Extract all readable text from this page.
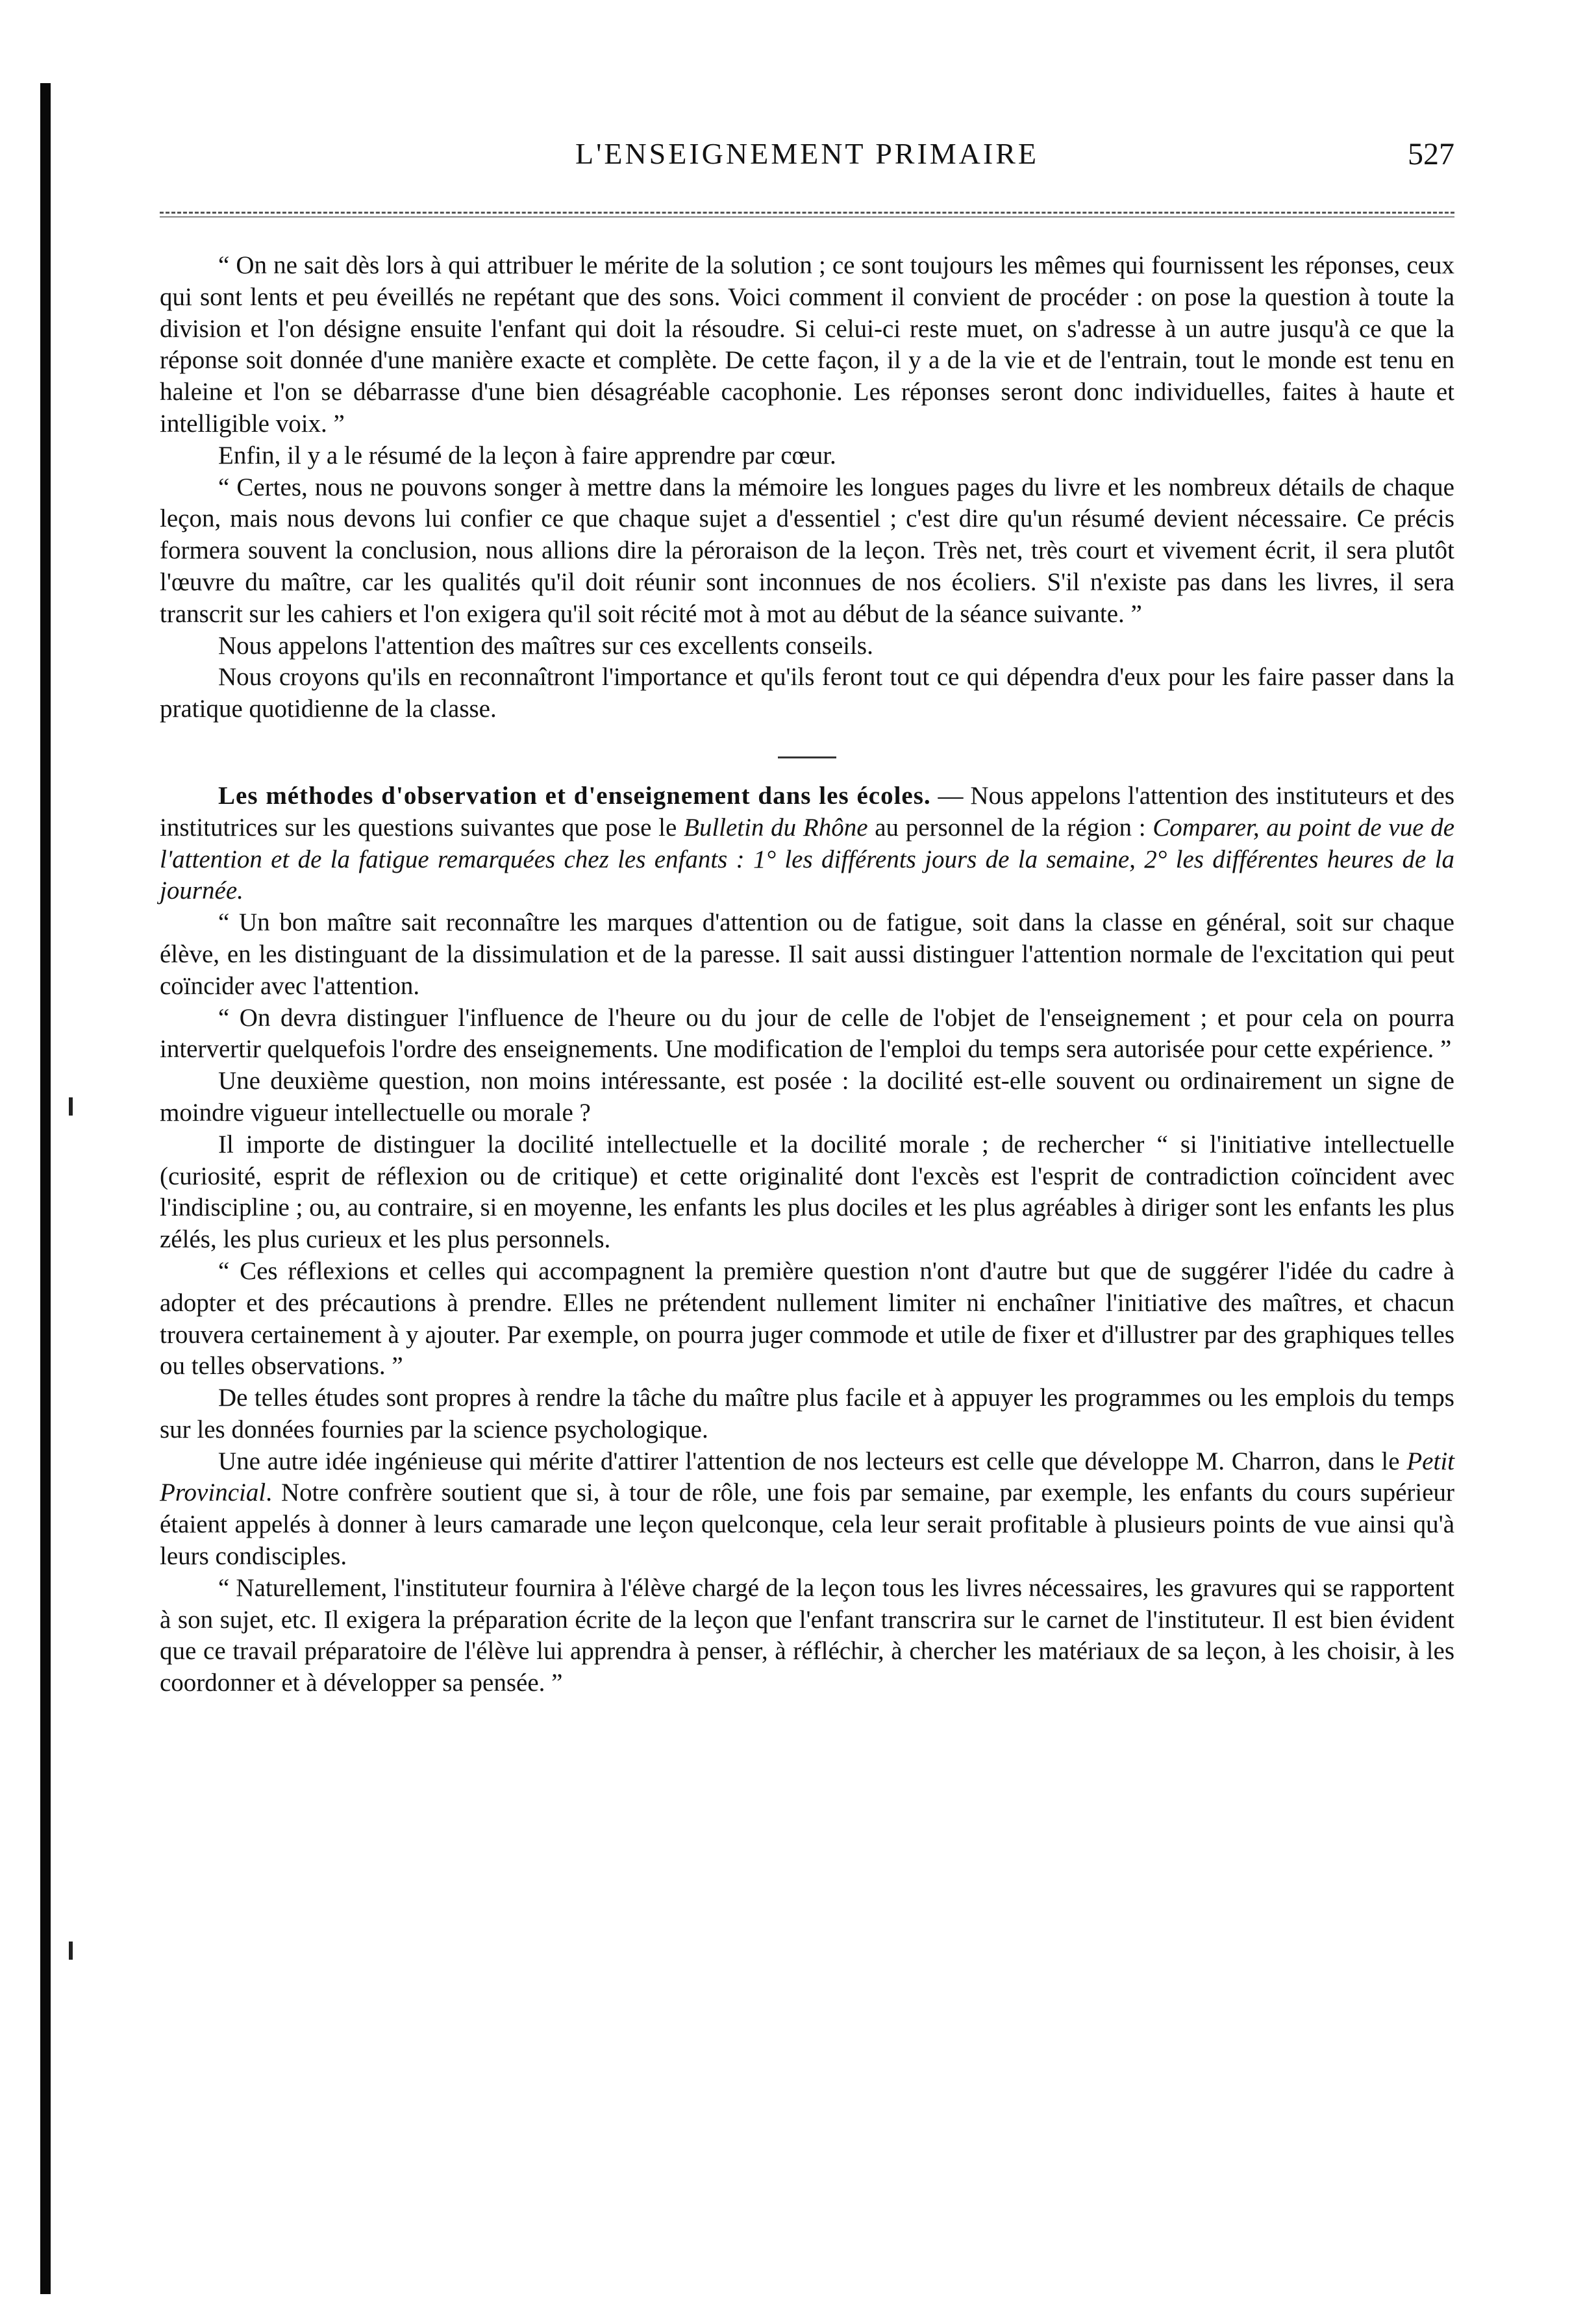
L'ENSEIGNEMENT PRIMAIRE	527

“ On ne sait dès lors à qui attribuer le mérite de la solution ; ce sont toujours les mêmes qui fournissent les réponses, ceux qui sont lents et peu éveillés ne repétant que des sons. Voici comment il convient de procéder : on pose la question à toute la division et l'on désigne ensuite l'enfant qui doit la résoudre. Si celui-ci reste muet, on s'adresse à un autre jusqu'à ce que la réponse soit donnée d'une manière exacte et complète. De cette façon, il y a de la vie et de l'entrain, tout le monde est tenu en haleine et l'on se débarrasse d'une bien désagréable cacophonie. Les réponses seront donc individuelles, faites à haute et intelligible voix. ”

Enfin, il y a le résumé de la leçon à faire apprendre par cœur.

“ Certes, nous ne pouvons songer à mettre dans la mémoire les longues pages du livre et les nombreux détails de chaque leçon, mais nous devons lui confier ce que chaque sujet a d'essentiel ; c'est dire qu'un résumé devient nécessaire. Ce précis formera souvent la conclusion, nous allions dire la péroraison de la leçon. Très net, très court et vivement écrit, il sera plutôt l'œuvre du maître, car les qualités qu'il doit réunir sont inconnues de nos écoliers. S'il n'existe pas dans les livres, il sera transcrit sur les cahiers et l'on exigera qu'il soit récité mot à mot au début de la séance suivante. ”

Nous appelons l'attention des maîtres sur ces excellents conseils.

Nous croyons qu'ils en reconnaîtront l'importance et qu'ils feront tout ce qui dépendra d'eux pour les faire passer dans la pratique quotidienne de la classe.

Les méthodes d'observation et d'enseignement dans les écoles. — Nous appelons l'attention des instituteurs et des institutrices sur les questions suivantes que pose le Bulletin du Rhône au personnel de la région : Comparer, au point de vue de l'attention et de la fatigue remarquées chez les enfants : 1° les différents jours de la semaine, 2° les différentes heures de la journée.

“ Un bon maître sait reconnaître les marques d'attention ou de fatigue, soit dans la classe en général, soit sur chaque élève, en les distinguant de la dissimulation et de la paresse. Il sait aussi distinguer l'attention normale de l'excitation qui peut coïncider avec l'attention.

“ On devra distinguer l'influence de l'heure ou du jour de celle de l'objet de l'enseignement ; et pour cela on pourra intervertir quelquefois l'ordre des enseignements. Une modification de l'emploi du temps sera autorisée pour cette expérience. ”

Une deuxième question, non moins intéressante, est posée : la docilité est-elle souvent ou ordinairement un signe de moindre vigueur intellectuelle ou morale ?

Il importe de distinguer la docilité intellectuelle et la docilité morale ; de rechercher “ si l'initiative intellectuelle (curiosité, esprit de réflexion ou de critique) et cette originalité dont l'excès est l'esprit de contradiction coïncident avec l'indiscipline ; ou, au contraire, si en moyenne, les enfants les plus dociles et les plus agréables à diriger sont les enfants les plus zélés, les plus curieux et les plus personnels.

“ Ces réflexions et celles qui accompagnent la première question n'ont d'autre but que de suggérer l'idée du cadre à adopter et des précautions à prendre. Elles ne prétendent nullement limiter ni enchaîner l'initiative des maîtres, et chacun trouvera certainement à y ajouter. Par exemple, on pourra juger commode et utile de fixer et d'illustrer par des graphiques telles ou telles observations. ”

De telles études sont propres à rendre la tâche du maître plus facile et à appuyer les programmes ou les emplois du temps sur les données fournies par la science psychologique.

Une autre idée ingénieuse qui mérite d'attirer l'attention de nos lecteurs est celle que développe M. Charron, dans le Petit Provincial. Notre confrère soutient que si, à tour de rôle, une fois par semaine, par exemple, les enfants du cours supérieur étaient appelés à donner à leurs camarade une leçon quelconque, cela leur serait profitable à plusieurs points de vue ainsi qu'à leurs condisciples.

“ Naturellement, l'instituteur fournira à l'élève chargé de la leçon tous les livres nécessaires, les gravures qui se rapportent à son sujet, etc. Il exigera la préparation écrite de la leçon que l'enfant transcrira sur le carnet de l'instituteur. Il est bien évident que ce travail préparatoire de l'élève lui apprendra à penser, à réfléchir, à chercher les matériaux de sa leçon, à les choisir, à les coordonner et à développer sa pensée. ”
